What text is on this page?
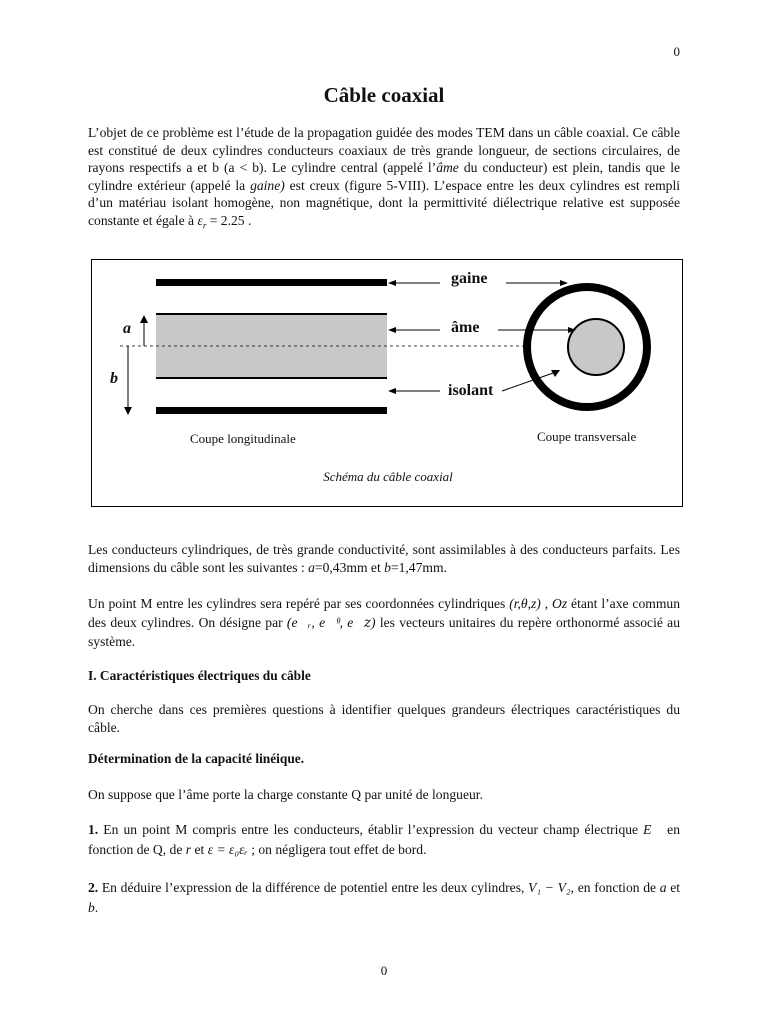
0
Câble coaxial

L’objet de ce problème est l’étude de la propagation guidée des modes TEM dans un câble coaxial. Ce câble est constitué de deux cylindres conducteurs coaxiaux de très grande longueur, de sections circulaires, de rayons respectifs a et b (a < b). Le cylindre central (appelé l’âme du conducteur) est plein, tandis que le cylindre extérieur (appelé la gaine) est creux (figure 5-VIII). L’espace entre les deux cylindres est rempli d’un matériau isolant homogène, non magnétique, dont la permittivité diélectrique relative est supposée constante et égale à $\varepsilon_r = 2.25$ .

gaine
âme
isolant
a
b
Coupe longitudinale	Coupe transversale
Schéma du câble coaxial

Les conducteurs cylindriques, de très grande conductivité, sont assimilables à des conducteurs parfaits. Les dimensions du câble sont les suivantes : a=0,43mm et b=1,47mm.

Un point M entre les cylindres sera repéré par ses coordonnées cylindriques (r,θ,z) , Oz étant l’axe commun des deux cylindres. On désigne par (e⃗ᵣ, e⃗ᶿ, e⃗𝑧) les vecteurs unitaires du repère orthonormé associé au système.

I. Caractéristiques électriques du câble

On cherche dans ces premières questions à identifier quelques grandeurs électriques caractéristiques du câble.

Détermination de la capacité linéique.

On suppose que l’âme porte la charge constante Q par unité de longueur.

1. En un point M compris entre les conducteurs, établir l’expression du vecteur champ électrique E⃗ en fonction de Q, de r et ε = ε₀εᵣ ; on négligera tout effet de bord.

2. En déduire l’expression de la différence de potentiel entre les deux cylindres, V₁ − V₂, en fonction de a et b.

0
